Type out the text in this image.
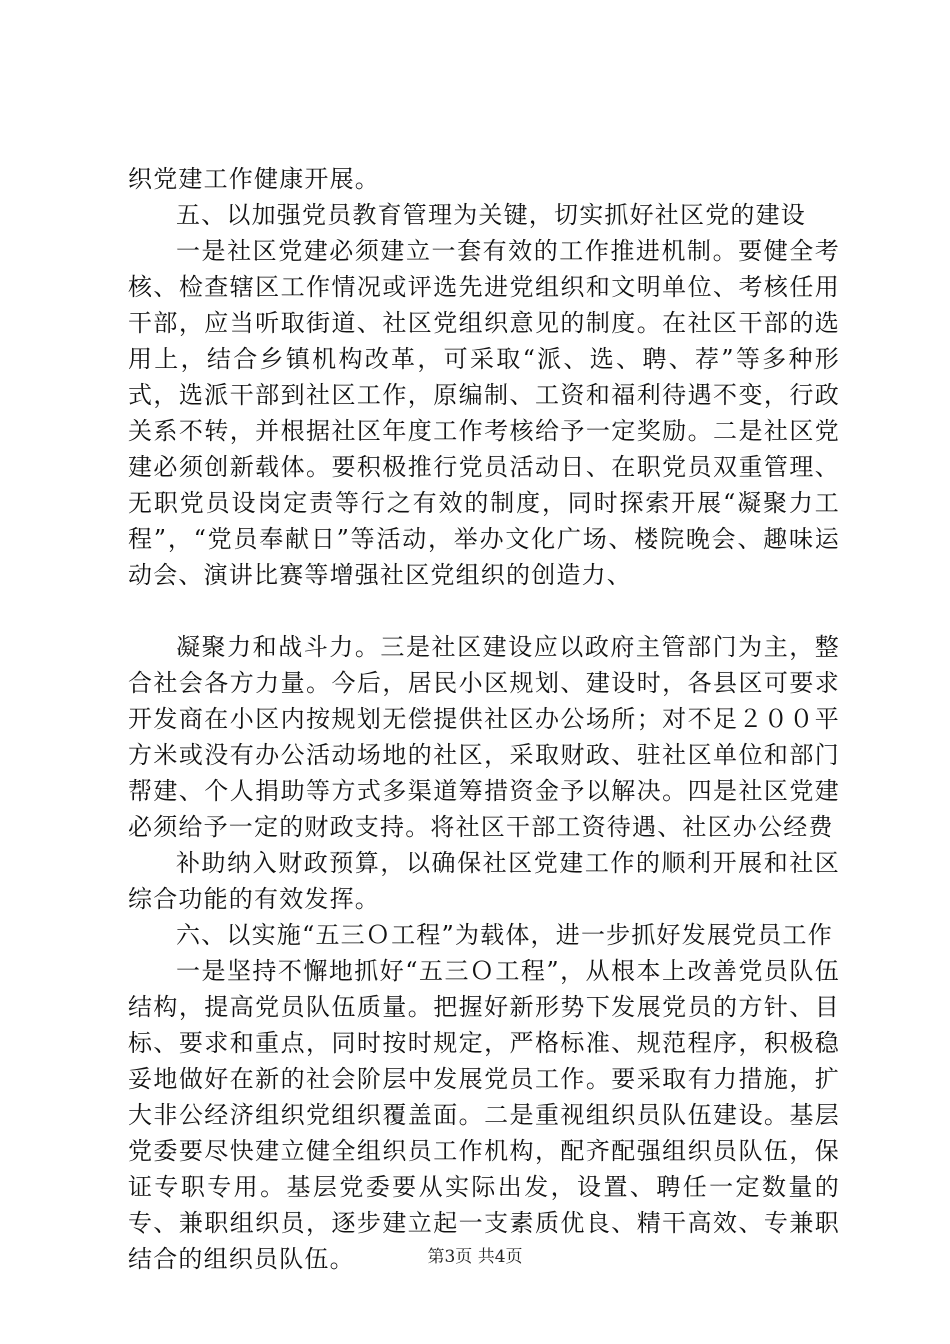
织党建工作健康开展。

五、以加强党员教育管理为关键，切实抓好社区党的建设

一是社区党建必须建立一套有效的工作推进机制。要健全考核、检查辖区工作情况或评选先进党组织和文明单位、考核任用干部，应当听取街道、社区党组织意见的制度。在社区干部的选用上，结合乡镇机构改革，可采取“派、选、聘、荐”等多种形式，选派干部到社区工作，原编制、工资和福利待遇不变，行政关系不转，并根据社区年度工作考核给予一定奖励。二是社区党建必须创新载体。要积极推行党员活动日、在职党员双重管理、无职党员设岗定责等行之有效的制度，同时探索开展“凝聚力工程”，“党员奉献日”等活动，举办文化广场、楼院晚会、趣味运动会、演讲比赛等增强社区党组织的创造力、

凝聚力和战斗力。三是社区建设应以政府主管部门为主，整合社会各方力量。今后，居民小区规划、建设时，各县区可要求开发商在小区内按规划无偿提供社区办公场所；对不足２００平方米或没有办公活动场地的社区，采取财政、驻社区单位和部门帮建、个人捐助等方式多渠道筹措资金予以解决。四是社区党建必须给予一定的财政支持。将社区干部工资待遇、社区办公经费

补助纳入财政预算，以确保社区党建工作的顺利开展和社区综合功能的有效发挥。

六、以实施“五三Ｏ工程”为载体，进一步抓好发展党员工作

一是坚持不懈地抓好“五三Ｏ工程”，从根本上改善党员队伍结构，提高党员队伍质量。把握好新形势下发展党员的方针、目标、要求和重点，同时按时规定，严格标准、规范程序，积极稳妥地做好在新的社会阶层中发展党员工作。要采取有力措施，扩大非公经济组织党组织覆盖面。二是重视组织员队伍建设。基层党委要尽快建立健全组织员工作机构，配齐配强组织员队伍，保证专职专用。基层党委要从实际出发，设置、聘任一定数量的专、兼职组织员，逐步建立起一支素质优良、精干高效、专兼职结合的组织员队伍。	第3页 共4页
